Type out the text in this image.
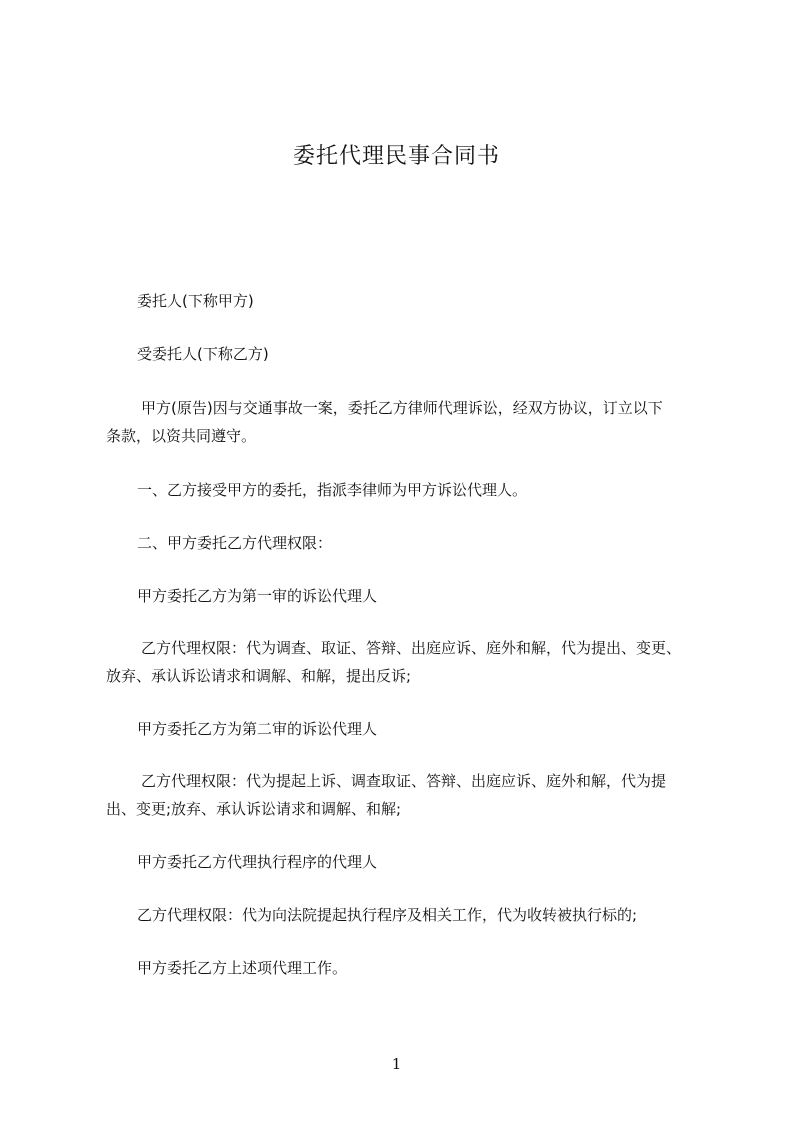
委托代理民事合同书

委托人(下称甲方)

受委托人(下称乙方)

甲方(原告)因与交通事故一案，委托乙方律师代理诉讼，经双方协议，订立以下
条款，以资共同遵守。

一、乙方接受甲方的委托，指派李律师为甲方诉讼代理人。

二、甲方委托乙方代理权限：

甲方委托乙方为第一审的诉讼代理人

乙方代理权限：代为调查、取证、答辩、出庭应诉、庭外和解，代为提出、变更、
放弃、承认诉讼请求和调解、和解，提出反诉;

甲方委托乙方为第二审的诉讼代理人

乙方代理权限：代为提起上诉、调查取证、答辩、出庭应诉、庭外和解，代为提
出、变更;放弃、承认诉讼请求和调解、和解;

甲方委托乙方代理执行程序的代理人

乙方代理权限：代为向法院提起执行程序及相关工作，代为收转被执行标的;

甲方委托乙方上述项代理工作。

1
